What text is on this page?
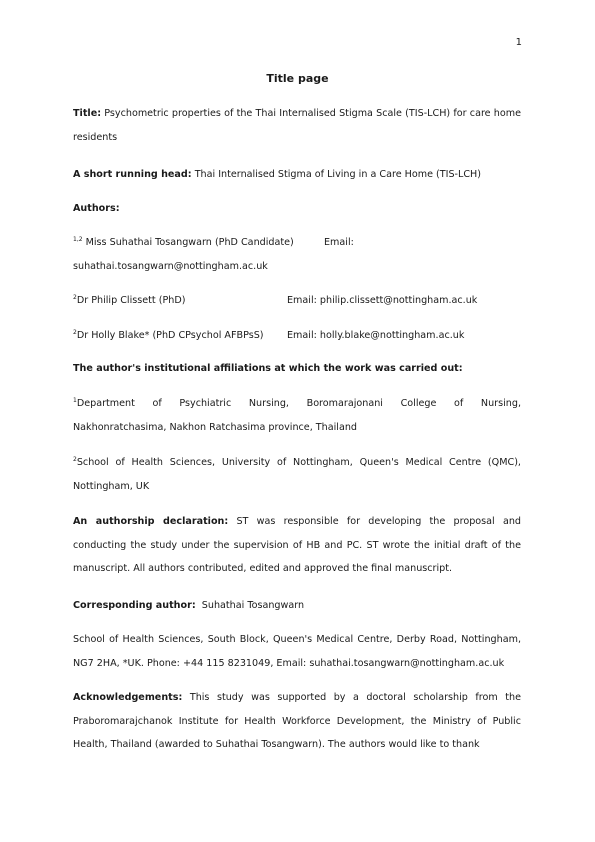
1
Title page
Title: Psychometric properties of the Thai Internalised Stigma Scale (TIS-LCH) for care home residents
A short running head: Thai Internalised Stigma of Living in a Care Home (TIS-LCH)
Authors:
$^{1,2}$ Miss Suhathai Tosangwarn (PhD Candidate)	Email:
suhathai.tosangwarn@nottingham.ac.uk
$^2$Dr Philip Clissett (PhD)	Email: philip.clissett@nottingham.ac.uk
$^2$Dr Holly Blake* (PhD CPsychol AFBPsS) Email: holly.blake@nottingham.ac.uk
The author's institutional affiliations at which the work was carried out:
$^1$Department of Psychiatric Nursing, Boromarajonani College of Nursing,
Nakhonratchasima, Nakhon Ratchasima province, Thailand
$^2$School of Health Sciences, University of Nottingham, Queen's Medical Centre (QMC),
Nottingham, UK
An authorship declaration: ST was responsible for developing the proposal and conducting the study under the supervision of HB and PC. ST wrote the initial draft of the manuscript. All authors contributed, edited and approved the final manuscript.
Corresponding author: Suhathai Tosangwarn
School of Health Sciences, South Block, Queen's Medical Centre, Derby Road, Nottingham, NG7 2HA, *UK. Phone: +44 115 8231049, Email: suhathai.tosangwarn@nottingham.ac.uk
Acknowledgements: This study was supported by a doctoral scholarship from the Praboromarajchanok Institute for Health Workforce Development, the Ministry of Public Health, Thailand (awarded to Suhathai Tosangwarn). The authors would like to thank
